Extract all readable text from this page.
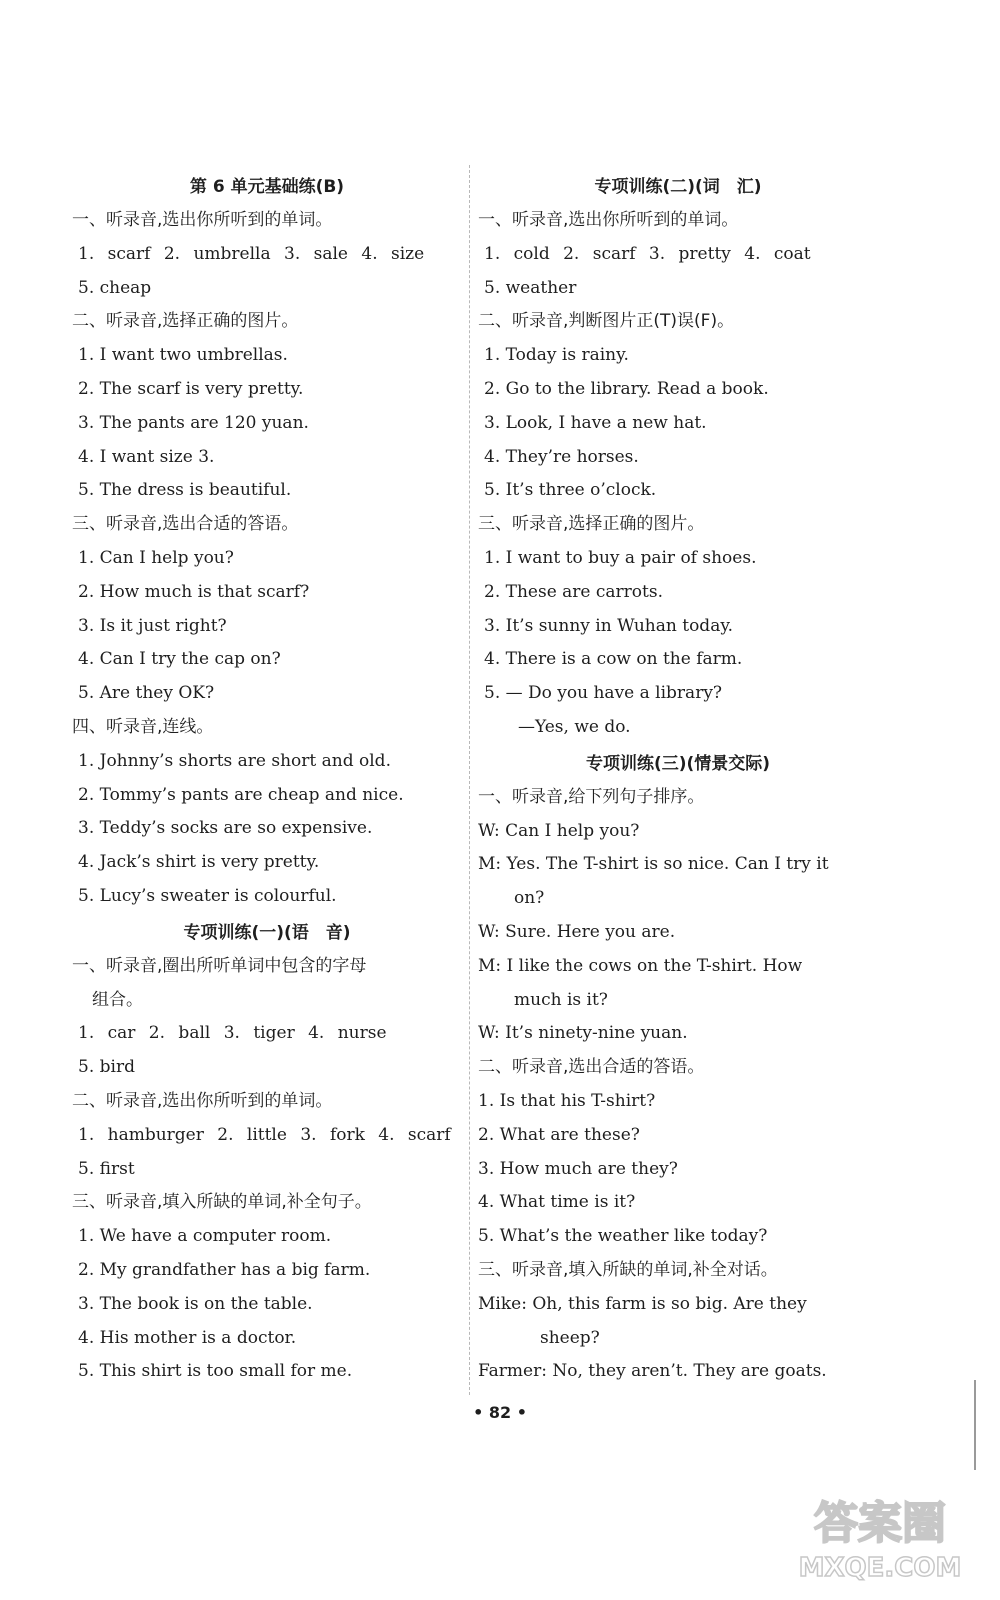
第 6 单元基础练(B)
一、听录音,选出你所听到的单词。
1. scarf 2. umbrella 3. sale 4. size
5. cheap
二、听录音,选择正确的图片。
1. I want two umbrellas.
2. The scarf is very pretty.
3. The pants are 120 yuan.
4. I want size 3.
5. The dress is beautiful.
三、听录音,选出合适的答语。
1. Can I help you?
2. How much is that scarf?
3. Is it just right?
4. Can I try the cap on?
5. Are they OK?
四、听录音,连线。
1. Johnny’s shorts are short and old.
2. Tommy’s pants are cheap and nice.
3. Teddy’s socks are so expensive.
4. Jack’s shirt is very pretty.
5. Lucy’s sweater is colourful.
专项训练(一)(语　音)
一、听录音,圈出所听单词中包含的字母
组合。
1. car 2. ball 3. tiger 4. nurse
5. bird
二、听录音,选出你所听到的单词。
1. hamburger 2. little 3. fork 4. scarf
5. first
三、听录音,填入所缺的单词,补全句子。
1. We have a computer room.
2. My grandfather has a big farm.
3. The book is on the table.
4. His mother is a doctor.
5. This shirt is too small for me.
专项训练(二)(词　汇)
一、听录音,选出你所听到的单词。
1. cold 2. scarf 3. pretty 4. coat
5. weather
二、听录音,判断图片正(T)误(F)。
1. Today is rainy.
2. Go to the library. Read a book.
3. Look, I have a new hat.
4. They’re horses.
5. It’s three o’clock.
三、听录音,选择正确的图片。
1. I want to buy a pair of shoes.
2. These are carrots.
3. It’s sunny in Wuhan today.
4. There is a cow on the farm.
5. — Do you have a library?
—Yes, we do.
专项训练(三)(情景交际)
一、听录音,给下列句子排序。
W: Can I help you?
M: Yes. The T-shirt is so nice. Can I try it
on?
W: Sure. Here you are.
M: I like the cows on the T-shirt. How
much is it?
W: It’s ninety-nine yuan.
二、听录音,选出合适的答语。
1. Is that his T-shirt?
2. What are these?
3. How much are they?
4. What time is it?
5. What’s the weather like today?
三、听录音,填入所缺的单词,补全对话。
Mike: Oh, this farm is so big. Are they
sheep?
Farmer: No, they aren’t. They are goats.
• 82 •
答案圈
MXQE.COM
